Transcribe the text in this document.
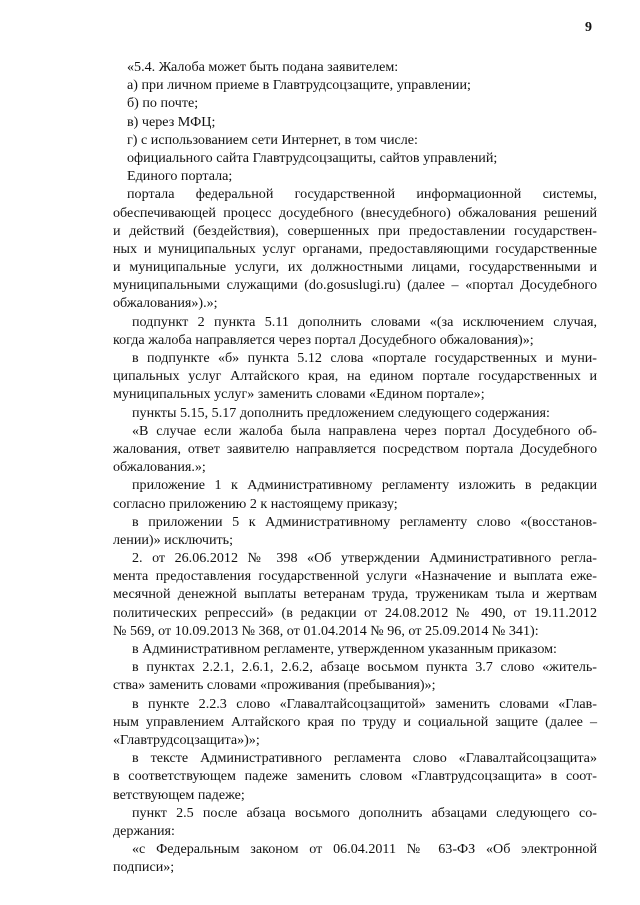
9
«5.4. Жалоба может быть подана заявителем:
а) при личном приеме в Главтрудсоцзащите, управлении;
б) по почте;
в) через МФЦ;
г) с использованием сети Интернет, в том числе:
официального сайта Главтрудсоцзащиты, сайтов управлений;
Единого портала;
портала федеральной государственной информационной системы,
обеспечивающей процесс досудебного (внесудебного) обжалования решений
и действий (бездействия), совершенных при предоставлении государствен-
ных и муниципальных услуг органами, предоставляющими государственные
и муниципальные услуги, их должностными лицами, государственными и
муниципальными служащими (do.gosuslugi.ru) (далее – «портал Досудебного
обжалования»).»;
подпункт 2 пункта 5.11 дополнить словами «(за исключением случая,
когда жалоба направляется через портал Досудебного обжалования)»;
в подпункте «б» пункта 5.12 слова «портале государственных и муни-
ципальных услуг Алтайского края, на едином портале государственных и
муниципальных услуг» заменить словами «Едином портале»;
пункты 5.15, 5.17 дополнить предложением следующего содержания:
«В случае если жалоба была направлена через портал Досудебного об-
жалования, ответ заявителю направляется посредством портала Досудебного
обжалования.»;
приложение 1 к Административному регламенту изложить в редакции
согласно приложению 2 к настоящему приказу;
в приложении 5 к Административному регламенту слово «(восстанов-
лении)» исключить;
2. от 26.06.2012 № 398 «Об утверждении Административного регла-
мента предоставления государственной услуги «Назначение и выплата еже-
месячной денежной выплаты ветеранам труда, труженикам тыла и жертвам
политических репрессий» (в редакции от 24.08.2012 № 490, от 19.11.2012
№ 569, от 10.09.2013 № 368, от 01.04.2014 № 96, от 25.09.2014 № 341):
в Административном регламенте, утвержденном указанным приказом:
в пунктах 2.2.1, 2.6.1, 2.6.2, абзаце восьмом пункта 3.7 слово «житель-
ства» заменить словами «проживания (пребывания)»;
в пункте 2.2.3 слово «Главалтайсоцзащитой» заменить словами «Глав-
ным управлением Алтайского края по труду и социальной защите (далее –
«Главтрудсоцзащита»)»;
в тексте Административного регламента слово «Главалтайсоцзащита»
в соответствующем падеже заменить словом «Главтрудсоцзащита» в соот-
ветствующем падеже;
пункт 2.5 после абзаца восьмого дополнить абзацами следующего со-
держания:
«с Федеральным законом от 06.04.2011 № 63-ФЗ «Об электронной
подписи»;
